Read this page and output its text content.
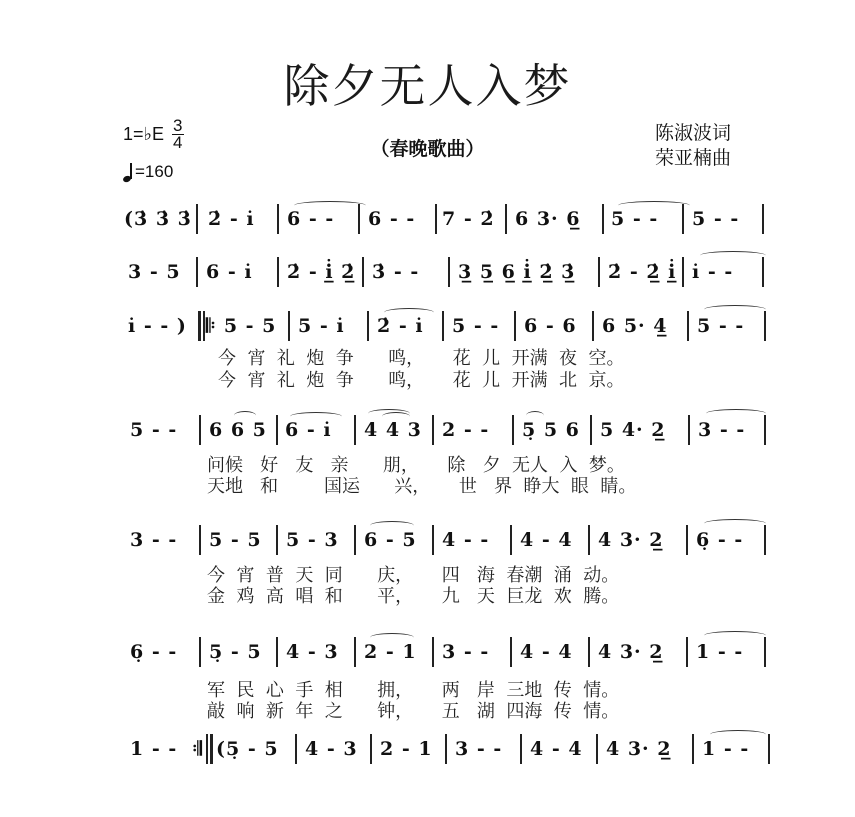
除夕无人入梦
1=♭E $\frac{3}{4}$
=160
（春晚歌曲）
陈淑波词
荣亚楠曲
(3̇ 3̇ 3̇ 2̇ - i̇ 6 - - 6 - - 7 - 2̇ 6 3· 6̲ 5 - - 5 - -
3 - 5 6 - i̇ 2̇ - i̲̇ 2̲̇ 3̇ - - 3̲ 5̲ 6̲ i̲̇ 2̲̇ 3̲̇ 2̇ - 2̲̇ i̲̇ i̇ - -
i̇ - - ) 𝄆 5 - 5 5 - i̇ 2̇ - i̇ 5 - - 6 - 6 6 5· 4̲ 5 - -
今  宵  礼  炮  争      鸣，     花  儿  开满  夜  空。
今  宵  礼  炮  争      鸣，     花  儿  开满  北  京。
5 - - 6 6 5 6 - i̇ 4 4 3 2 - - 5̣ 5 6 5 4· 2̲ 3 - -
问候   好   友   亲      朋，     除   夕  无人  入  梦。
天地   和        国运      兴，     世   界  睁大  眼  睛。
3 - - 5 - 5 5 - 3 6 - 5 4 - - 4 - 4 4 3· 2̲ 6̣ - -
今  宵  普  天  同      庆，     四   海  春潮  涌  动。
金  鸡  高  唱  和      平，     九   天  巨龙  欢  腾。
6̣ - - 5̣ - 5 4 - 3 2 - 1 3 - - 4 - 4 4 3· 2̲ 1 - -
军  民  心  手  相      拥，     两   岸  三地  传  情。
敲  响  新  年  之      钟，     五   湖  四海  传  情。
1 - -  𝄇 (5̣ - 5 4 - 3 2 - 1 3 - - 4 - 4 4 3· 2̲ 1 - -
